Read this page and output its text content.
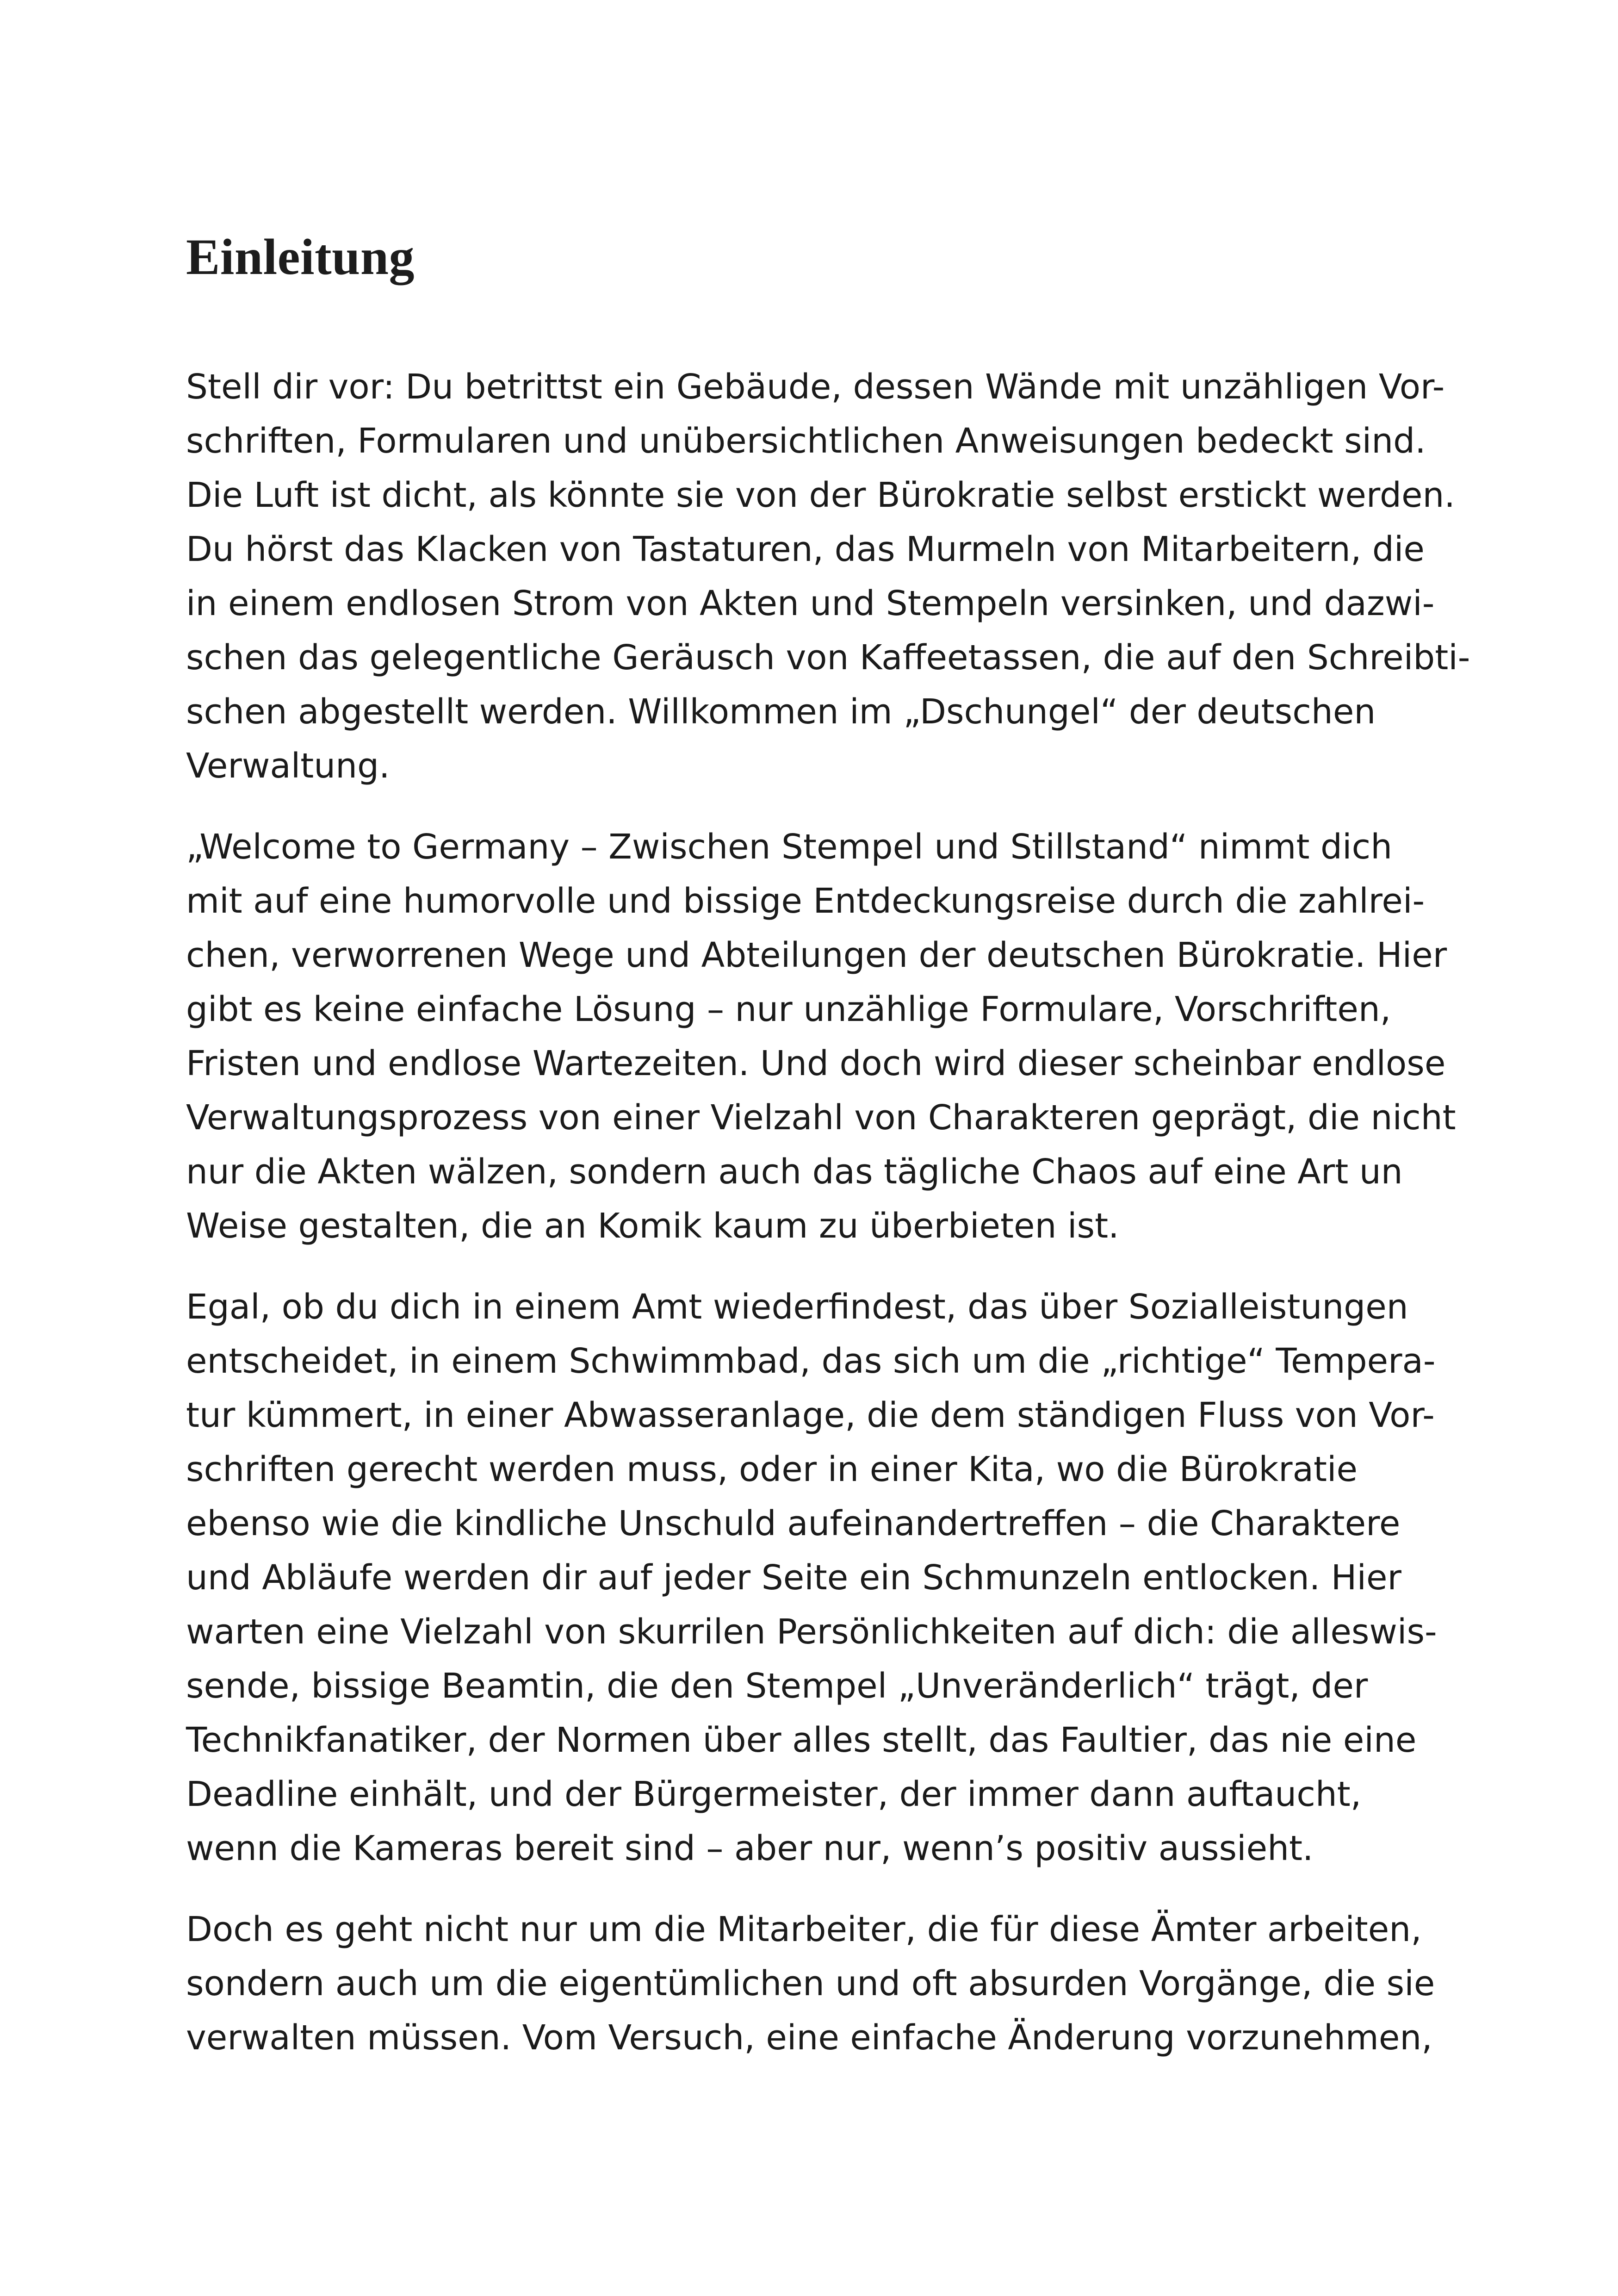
Einleitung
Stell dir vor: Du betrittst ein Gebäude, dessen Wände mit unzähligen Vor-
schriften, Formularen und unübersichtlichen Anweisungen bedeckt sind.
Die Luft ist dicht, als könnte sie von der Bürokratie selbst erstickt werden.
Du hörst das Klacken von Tastaturen, das Murmeln von Mitarbeitern, die
in einem endlosen Strom von Akten und Stempeln versinken, und dazwi-
schen das gelegentliche Geräusch von Kaffeetassen, die auf den Schreibti-
schen abgestellt werden. Willkommen im „Dschungel“ der deutschen
Verwaltung.
„Welcome to Germany – Zwischen Stempel und Stillstand“ nimmt dich
mit auf eine humorvolle und bissige Entdeckungsreise durch die zahlrei-
chen, verworrenen Wege und Abteilungen der deutschen Bürokratie. Hier
gibt es keine einfache Lösung – nur unzählige Formulare, Vorschriften,
Fristen und endlose Wartezeiten. Und doch wird dieser scheinbar endlose
Verwaltungsprozess von einer Vielzahl von Charakteren geprägt, die nicht
nur die Akten wälzen, sondern auch das tägliche Chaos auf eine Art un
Weise gestalten, die an Komik kaum zu überbieten ist.
Egal, ob du dich in einem Amt wiederfindest, das über Sozialleistungen
entscheidet, in einem Schwimmbad, das sich um die „richtige“ Tempera-
tur kümmert, in einer Abwasseranlage, die dem ständigen Fluss von Vor-
schriften gerecht werden muss, oder in einer Kita, wo die Bürokratie
ebenso wie die kindliche Unschuld aufeinandertreffen – die Charaktere
und Abläufe werden dir auf jeder Seite ein Schmunzeln entlocken. Hier
warten eine Vielzahl von skurrilen Persönlichkeiten auf dich: die alleswis-
sende, bissige Beamtin, die den Stempel „Unveränderlich“ trägt, der
Technikfanatiker, der Normen über alles stellt, das Faultier, das nie eine
Deadline einhält, und der Bürgermeister, der immer dann auftaucht,
wenn die Kameras bereit sind – aber nur, wenn’s positiv aussieht.
Doch es geht nicht nur um die Mitarbeiter, die für diese Ämter arbeiten,
sondern auch um die eigentümlichen und oft absurden Vorgänge, die sie
verwalten müssen. Vom Versuch, eine einfache Änderung vorzunehmen,
